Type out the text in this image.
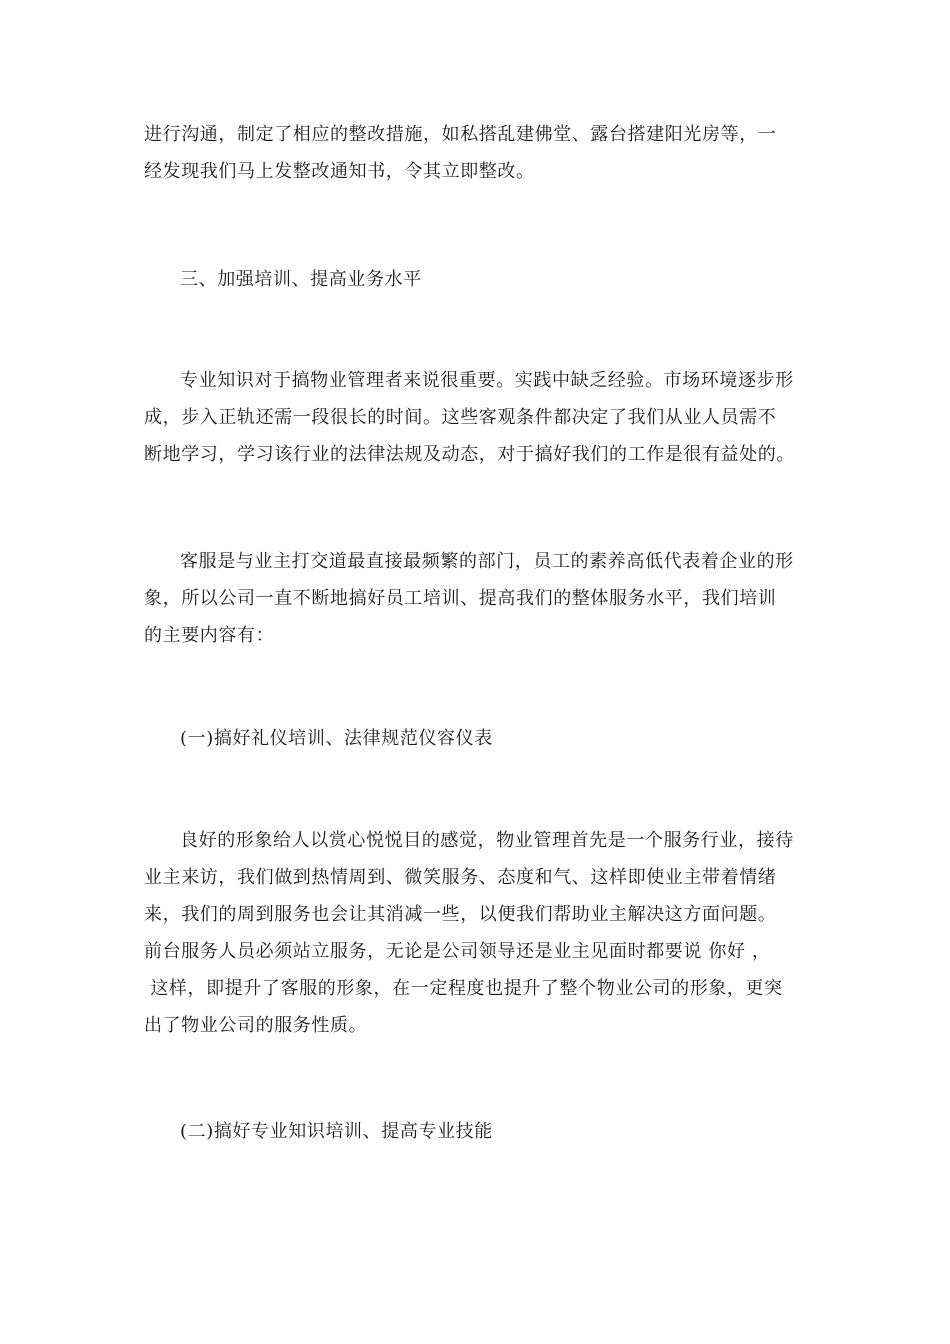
进行沟通，制定了相应的整改措施，如私搭乱建佛堂、露台搭建阳光房等，一
经发现我们马上发整改通知书，令其立即整改。

三、加强培训、提高业务水平

专业知识对于搞物业管理者来说很重要。实践中缺乏经验。市场环境逐步形
成，步入正轨还需一段很长的时间。这些客观条件都决定了我们从业人员需不
断地学习，学习该行业的法律法规及动态，对于搞好我们的工作是很有益处的。

客服是与业主打交道最直接最频繁的部门，员工的素养高低代表着企业的形
象，所以公司一直不断地搞好员工培训、提高我们的整体服务水平，我们培训
的主要内容有：

(一)搞好礼仪培训、法律规范仪容仪表

良好的形象给人以赏心悦悦目的感觉，物业管理首先是一个服务行业，接待
业主来访，我们做到热情周到、微笑服务、态度和气、这样即使业主带着情绪
来，我们的周到服务也会让其消减一些，以便我们帮助业主解决这方面问题。
前台服务人员必须站立服务，无论是公司领导还是业主见面时都要说 你好 ，
这样，即提升了客服的形象，在一定程度也提升了整个物业公司的形象，更突
出了物业公司的服务性质。

(二)搞好专业知识培训、提高专业技能
